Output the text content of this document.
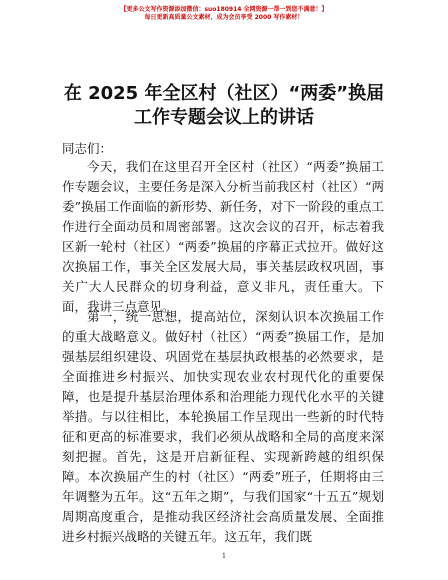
【更多公文写作资源添加微信：suo180914 全网资源一帮一到您不满意！】
每日更新高质量公文素材，成为会员享受 2000 写作素材！
在 2025 年全区村（社区）“两委”换届工作专题会议上的讲话
同志们：

今天，我们在这里召开全区村（社区）“两委”换届工作专题会议，主要任务是深入分析当前我区村（社区）“两委”换届工作面临的新形势、新任务，对下一阶段的重点工作进行全面动员和周密部署。这次会议的召开，标志着我区新一轮村（社区）“两委”换届的序幕正式拉开。做好这次换届工作，事关全区发展大局，事关基层政权巩固，事关广大人民群众的切身利益，意义非凡，责任重大。下面，我讲三点意见。

第一，统一思想，提高站位，深刻认识本次换届工作的重大战略意义。做好村（社区）“两委”换届工作，是加强基层组织建设、巩固党在基层执政根基的必然要求，是全面推进乡村振兴、加快实现农业农村现代化的重要保障，也是提升基层治理体系和治理能力现代化水平的关键举措。与以往相比，本轮换届工作呈现出一些新的时代特征和更高的标准要求，我们必须从战略和全局的高度来深刻把握。首先，这是开启新征程、实现新跨越的组织保障。本次换届产生的村（社区）“两委”班子，任期将由三年调整为五年。这“五年之期”，与我们国家“十五五”规划周期高度重合，是推动我区经济社会高质量发展、全面推进乡村振兴战略的关键五年。这五年，我们既

1
